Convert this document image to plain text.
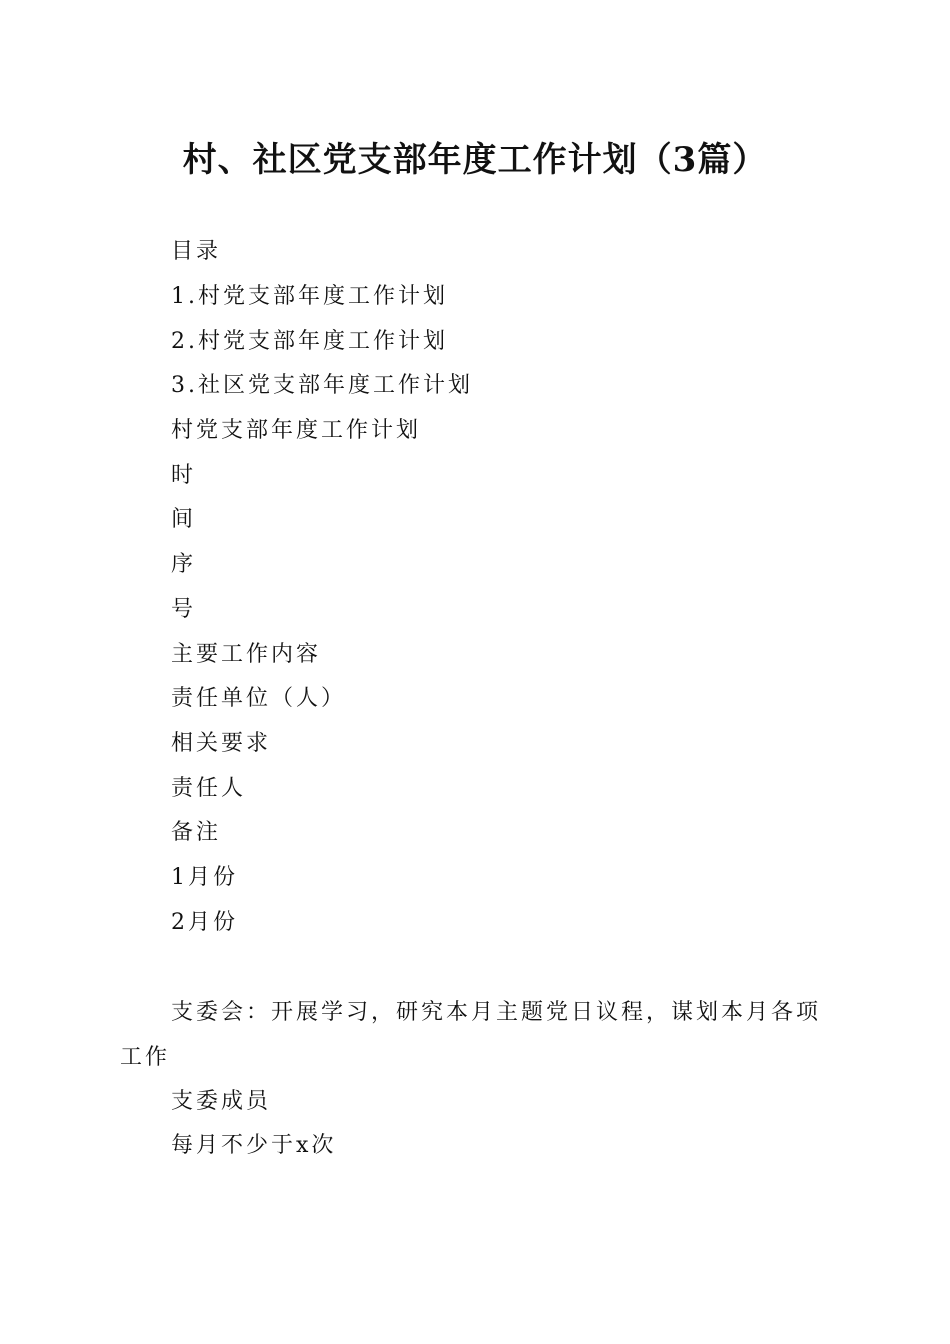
村、社区党支部年度工作计划（3篇）
目录
1.村党支部年度工作计划
2.村党支部年度工作计划
3.社区党支部年度工作计划
村党支部年度工作计划
时
间
序
号
主要工作内容
责任单位（人）
相关要求
责任人
备注
1月份
2月份
支委会：开展学习，研究本月主题党日议程，谋划本月各项工作
支委成员
每月不少于x次
